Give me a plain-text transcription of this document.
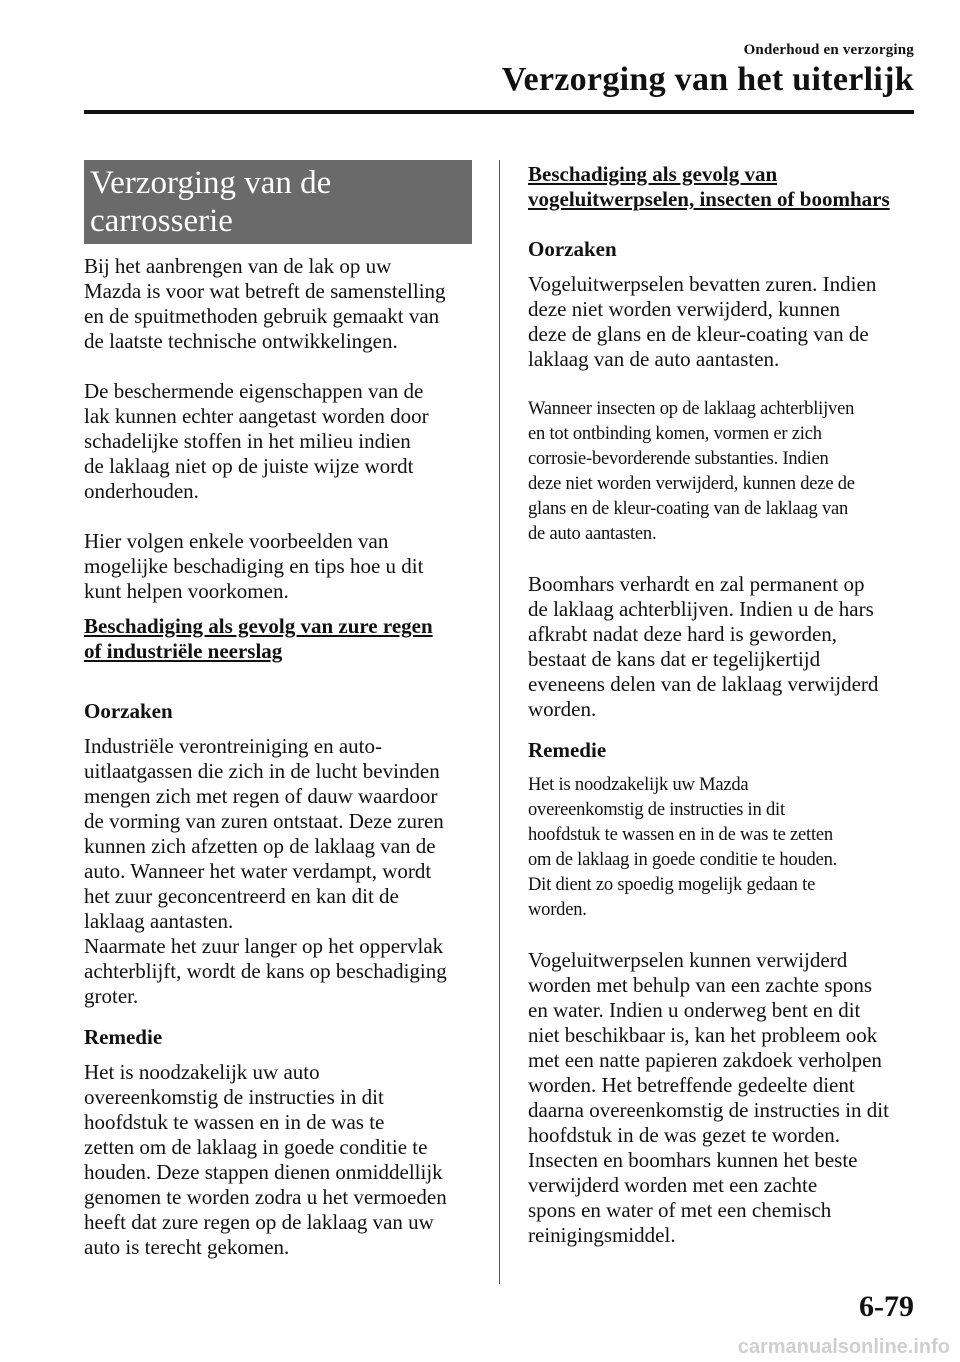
Onderhoud en verzorging
Verzorging van het uiterlijk
Verzorging van de
carrosserie
Bij het aanbrengen van de lak op uw
Mazda is voor wat betreft de samenstelling
en de spuitmethoden gebruik gemaakt van
de laatste technische ontwikkelingen.
De beschermende eigenschappen van de
lak kunnen echter aangetast worden door
schadelijke stoffen in het milieu indien
de laklaag niet op de juiste wijze wordt
onderhouden.
Hier volgen enkele voorbeelden van
mogelijke beschadiging en tips hoe u dit
kunt helpen voorkomen.
Beschadiging als gevolg van zure regen
of industriële neerslag
Oorzaken
Industriële verontreiniging en auto-
uitlaatgassen die zich in de lucht bevinden
mengen zich met regen of dauw waardoor
de vorming van zuren ontstaat. Deze zuren
kunnen zich afzetten op de laklaag van de
auto. Wanneer het water verdampt, wordt
het zuur geconcentreerd en kan dit de
laklaag aantasten.
Naarmate het zuur langer op het oppervlak
achterblijft, wordt de kans op beschadiging
groter.
Remedie
Het is noodzakelijk uw auto
overeenkomstig de instructies in dit
hoofdstuk te wassen en in de was te
zetten om de laklaag in goede conditie te
houden. Deze stappen dienen onmiddellijk
genomen te worden zodra u het vermoeden
heeft dat zure regen op de laklaag van uw
auto is terecht gekomen.
Beschadiging als gevolg van
vogeluitwerpselen, insecten of boomhars
Oorzaken
Vogeluitwerpselen bevatten zuren. Indien
deze niet worden verwijderd, kunnen
deze de glans en de kleur-coating van de
laklaag van de auto aantasten.
Wanneer insecten op de laklaag achterblijven
en tot ontbinding komen, vormen er zich
corrosie-bevorderende substanties. Indien
deze niet worden verwijderd, kunnen deze de
glans en de kleur-coating van de laklaag van
de auto aantasten.
Boomhars verhardt en zal permanent op
de laklaag achterblijven. Indien u de hars
afkrabt nadat deze hard is geworden,
bestaat de kans dat er tegelijkertijd
eveneens delen van de laklaag verwijderd
worden.
Remedie
Het is noodzakelijk uw Mazda
overeenkomstig de instructies in dit
hoofdstuk te wassen en in de was te zetten
om de laklaag in goede conditie te houden.
Dit dient zo spoedig mogelijk gedaan te
worden.
Vogeluitwerpselen kunnen verwijderd
worden met behulp van een zachte spons
en water. Indien u onderweg bent en dit
niet beschikbaar is, kan het probleem ook
met een natte papieren zakdoek verholpen
worden. Het betreffende gedeelte dient
daarna overeenkomstig de instructies in dit
hoofdstuk in de was gezet te worden.
Insecten en boomhars kunnen het beste
verwijderd worden met een zachte
spons en water of met een chemisch
reinigingsmiddel.
6-79
carmanualsonline.info
